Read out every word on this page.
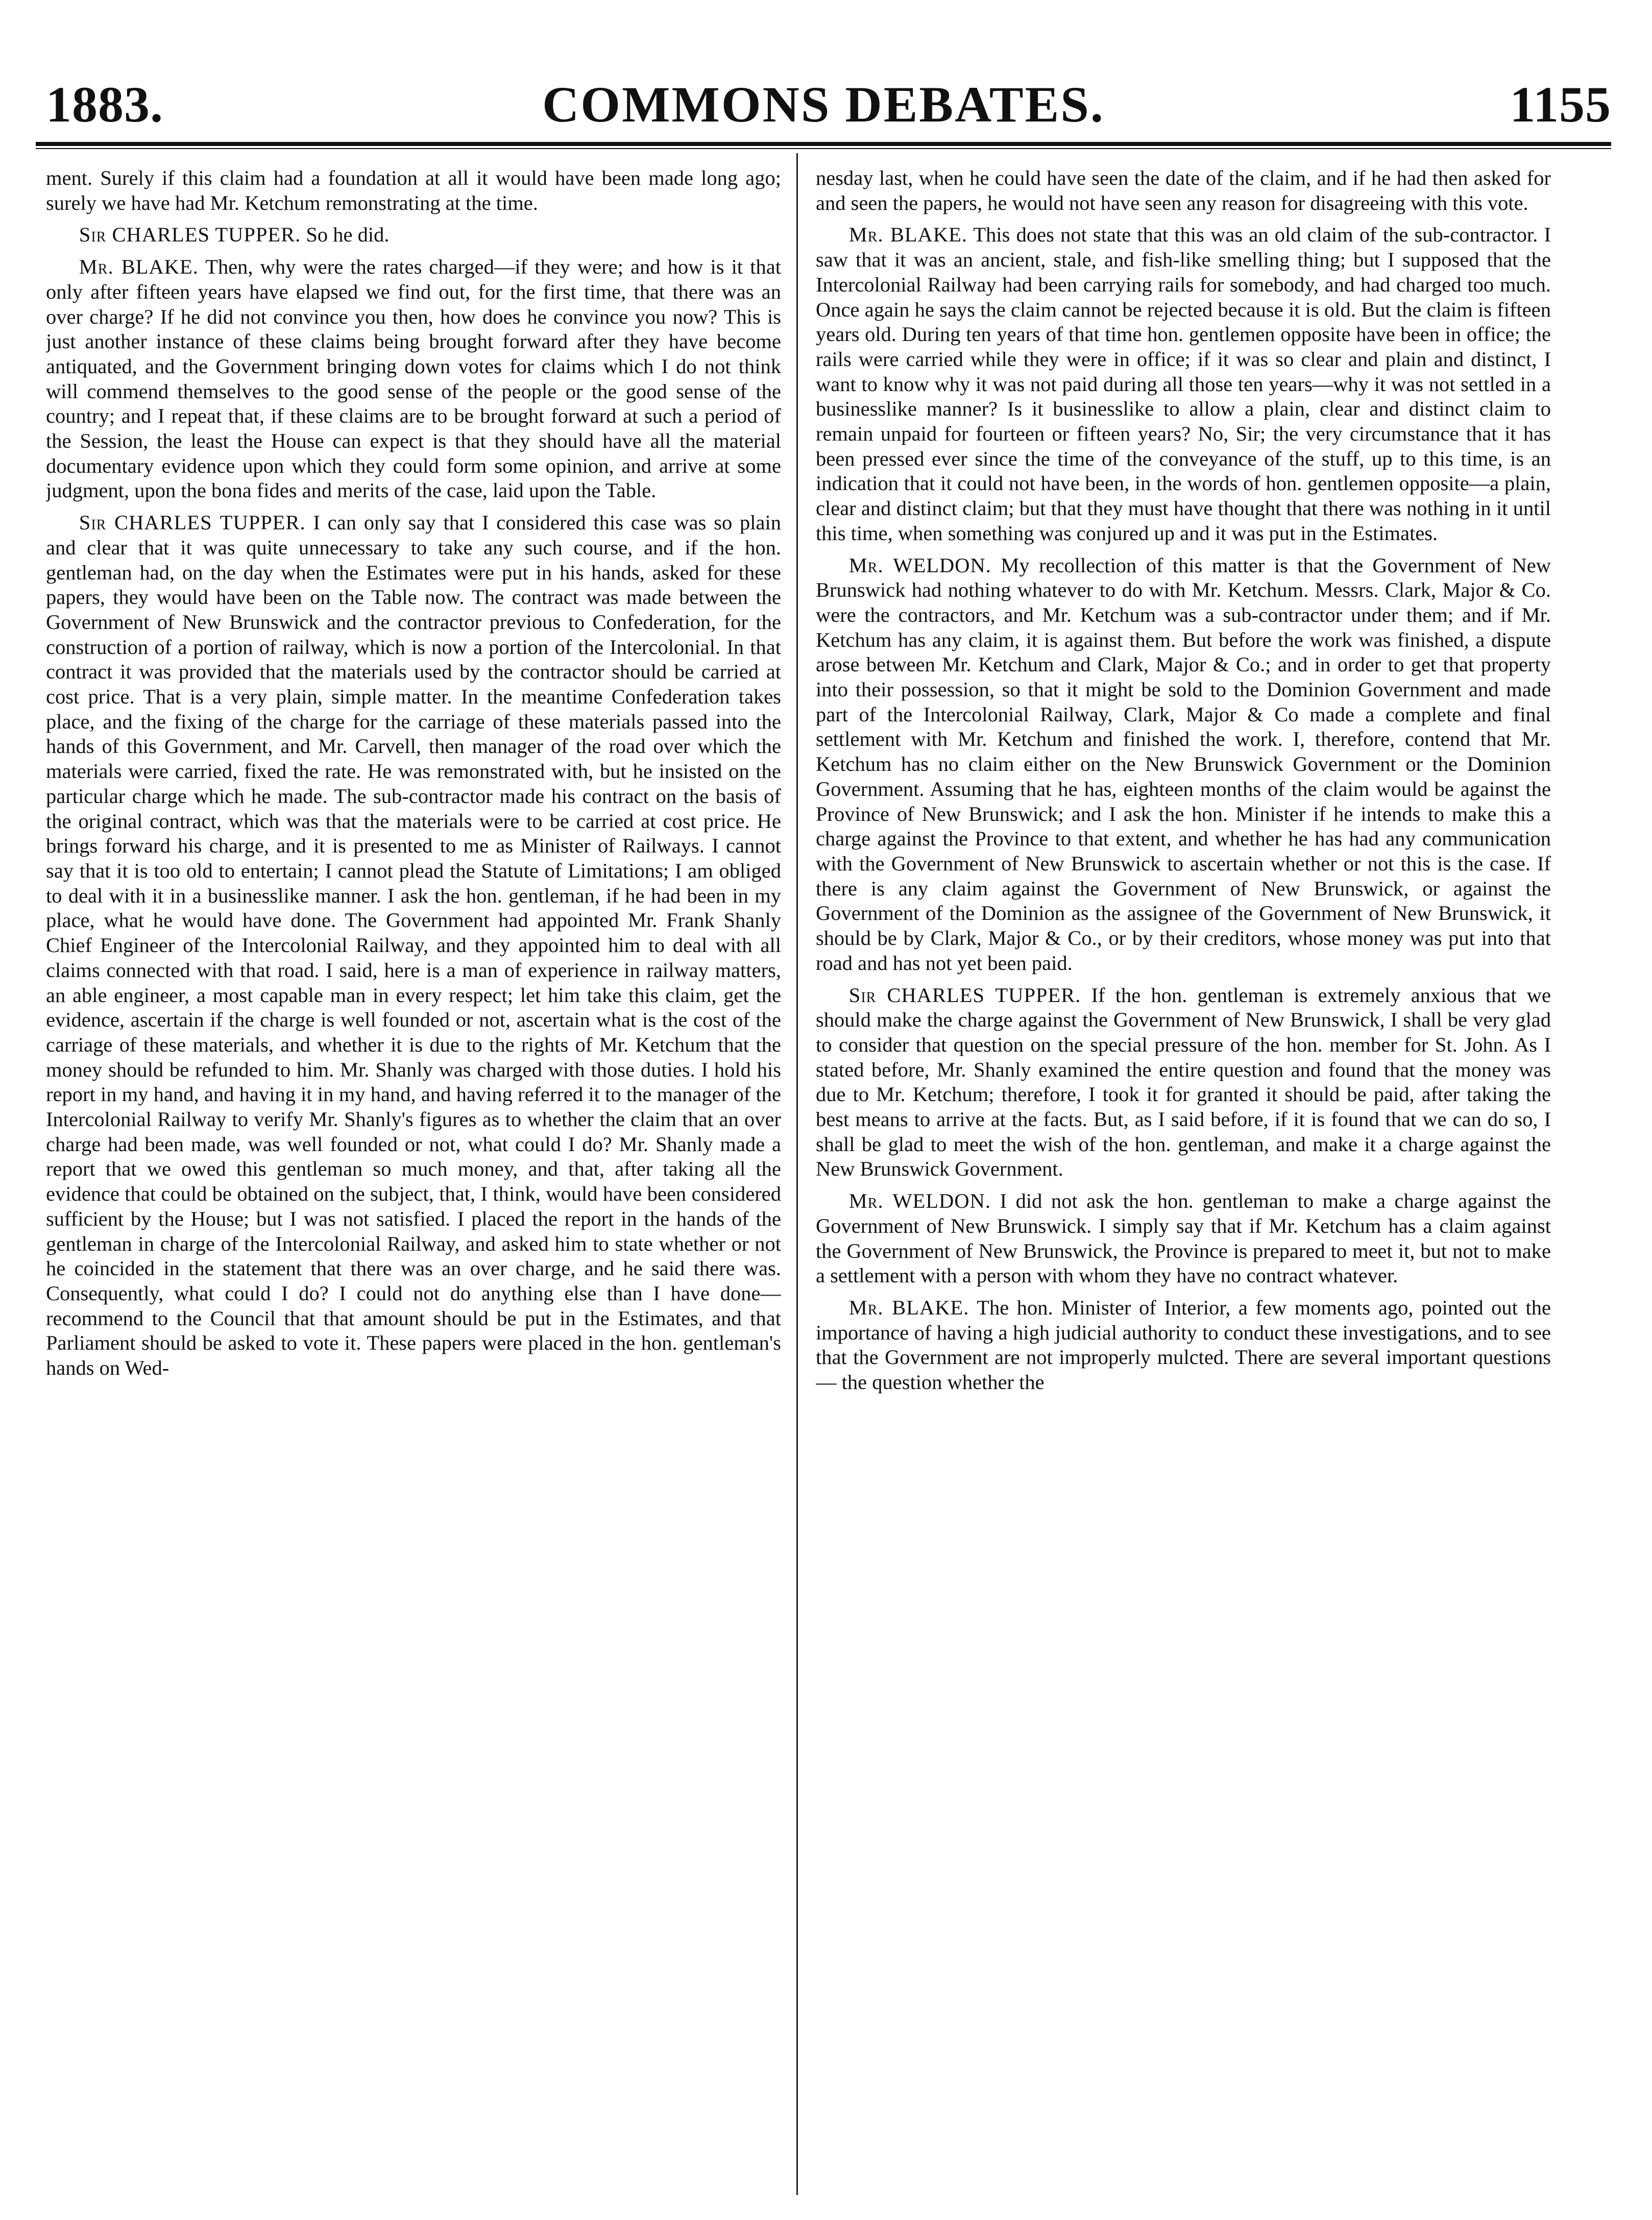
1883.	COMMONS DEBATES.	1155

ment. Surely if this claim had a foundation at all it would have been made long ago; surely we have had Mr. Ketchum remonstrating at the time.

Sir CHARLES TUPPER. So he did.

Mr. BLAKE. Then, why were the rates charged—if they were; and how is it that only after fifteen years have elapsed we find out, for the first time, that there was an over charge? If he did not convince you then, how does he convince you now? This is just another instance of these claims being brought forward after they have become antiquated, and the Government bringing down votes for claims which I do not think will commend themselves to the good sense of the people or the good sense of the country; and I repeat that, if these claims are to be brought forward at such a period of the Session, the least the House can expect is that they should have all the material documentary evidence upon which they could form some opinion, and arrive at some judgment, upon the bona fides and merits of the case, laid upon the Table.

Sir CHARLES TUPPER. I can only say that I considered this case was so plain and clear that it was quite unnecessary to take any such course, and if the hon. gentleman had, on the day when the Estimates were put in his hands, asked for these papers, they would have been on the Table now. The contract was made between the Government of New Brunswick and the contractor previous to Confederation, for the construction of a portion of railway, which is now a portion of the Intercolonial. In that contract it was provided that the materials used by the contractor should be carried at cost price. That is a very plain, simple matter. In the meantime Confederation takes place, and the fixing of the charge for the carriage of these materials passed into the hands of this Government, and Mr. Carvell, then manager of the road over which the materials were carried, fixed the rate. He was remonstrated with, but he insisted on the particular charge which he made. The sub-contractor made his contract on the basis of the original contract, which was that the materials were to be carried at cost price. He brings forward his charge, and it is presented to me as Minister of Railways. I cannot say that it is too old to entertain; I cannot plead the Statute of Limitations; I am obliged to deal with it in a businesslike manner. I ask the hon. gentleman, if he had been in my place, what he would have done. The Government had appointed Mr. Frank Shanly Chief Engineer of the Intercolonial Railway, and they appointed him to deal with all claims connected with that road. I said, here is a man of experience in railway matters, an able engineer, a most capable man in every respect; let him take this claim, get the evidence, ascertain if the charge is well founded or not, ascertain what is the cost of the carriage of these materials, and whether it is due to the rights of Mr. Ketchum that the money should be refunded to him. Mr. Shanly was charged with those duties. I hold his report in my hand, and having it in my hand, and having referred it to the manager of the Intercolonial Railway to verify Mr. Shanly's figures as to whether the claim that an over charge had been made, was well founded or not, what could I do? Mr. Shanly made a report that we owed this gentleman so much money, and that, after taking all the evidence that could be obtained on the subject, that, I think, would have been considered sufficient by the House; but I was not satisfied. I placed the report in the hands of the gentleman in charge of the Intercolonial Railway, and asked him to state whether or not he coincided in the statement that there was an over charge, and he said there was. Consequently, what could I do? I could not do anything else than I have done—recommend to the Council that that amount should be put in the Estimates, and that Parliament should be asked to vote it. These papers were placed in the hon. gentleman's hands on Wed-

nesday last, when he could have seen the date of the claim, and if he had then asked for and seen the papers, he would not have seen any reason for disagreeing with this vote.

Mr. BLAKE. This does not state that this was an old claim of the sub-contractor. I saw that it was an ancient, stale, and fish-like smelling thing; but I supposed that the Intercolonial Railway had been carrying rails for somebody, and had charged too much. Once again he says the claim cannot be rejected because it is old. But the claim is fifteen years old. During ten years of that time hon. gentlemen opposite have been in office; the rails were carried while they were in office; if it was so clear and plain and distinct, I want to know why it was not paid during all those ten years—why it was not settled in a businesslike manner? Is it businesslike to allow a plain, clear and distinct claim to remain unpaid for fourteen or fifteen years? No, Sir; the very circumstance that it has been pressed ever since the time of the conveyance of the stuff, up to this time, is an indication that it could not have been, in the words of hon. gentlemen opposite—a plain, clear and distinct claim; but that they must have thought that there was nothing in it until this time, when something was conjured up and it was put in the Estimates.

Mr. WELDON. My recollection of this matter is that the Government of New Brunswick had nothing whatever to do with Mr. Ketchum. Messrs. Clark, Major & Co. were the contractors, and Mr. Ketchum was a sub-contractor under them; and if Mr. Ketchum has any claim, it is against them. But before the work was finished, a dispute arose between Mr. Ketchum and Clark, Major & Co.; and in order to get that property into their possession, so that it might be sold to the Dominion Government and made part of the Intercolonial Railway, Clark, Major & Co made a complete and final settlement with Mr. Ketchum and finished the work. I, therefore, contend that Mr. Ketchum has no claim either on the New Brunswick Government or the Dominion Government. Assuming that he has, eighteen months of the claim would be against the Province of New Brunswick; and I ask the hon. Minister if he intends to make this a charge against the Province to that extent, and whether he has had any communication with the Government of New Brunswick to ascertain whether or not this is the case. If there is any claim against the Government of New Brunswick, or against the Government of the Dominion as the assignee of the Government of New Brunswick, it should be by Clark, Major & Co., or by their creditors, whose money was put into that road and has not yet been paid.

Sir CHARLES TUPPER. If the hon. gentleman is extremely anxious that we should make the charge against the Government of New Brunswick, I shall be very glad to consider that question on the special pressure of the hon. member for St. John. As I stated before, Mr. Shanly examined the entire question and found that the money was due to Mr. Ketchum; therefore, I took it for granted it should be paid, after taking the best means to arrive at the facts. But, as I said before, if it is found that we can do so, I shall be glad to meet the wish of the hon. gentleman, and make it a charge against the New Brunswick Government.

Mr. WELDON. I did not ask the hon. gentleman to make a charge against the Government of New Brunswick. I simply say that if Mr. Ketchum has a claim against the Government of New Brunswick, the Province is prepared to meet it, but not to make a settlement with a person with whom they have no contract whatever.

Mr. BLAKE. The hon. Minister of Interior, a few moments ago, pointed out the importance of having a high judicial authority to conduct these investigations, and to see that the Government are not improperly mulcted. There are several important questions — the question whether the
